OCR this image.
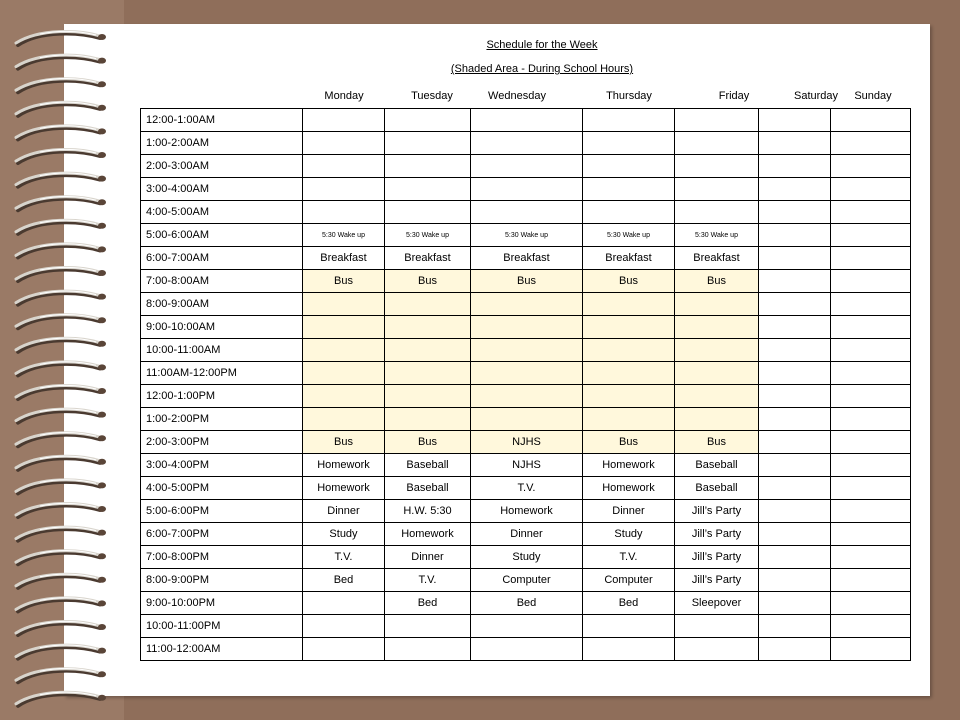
Schedule for the Week
(Shaded Area - During School Hours)
Monday	Tuesday	Wednesday	Thursday	Friday	Saturday Sunday
12:00-1:00AM							
1:00-2:00AM							
2:00-3:00AM							
3:00-4:00AM							
4:00-5:00AM							
5:00-6:00AM	5:30 Wake up	5:30 Wake up	5:30 Wake up	5:30 Wake up	5:30 Wake up		
6:00-7:00AM	Breakfast	Breakfast	Breakfast	Breakfast	Breakfast		
7:00-8:00AM	Bus	Bus	Bus	Bus	Bus		
8:00-9:00AM							
9:00-10:00AM							
10:00-11:00AM							
11:00AM-12:00PM							
12:00-1:00PM							
1:00-2:00PM							
2:00-3:00PM	Bus	Bus	NJHS	Bus	Bus		
3:00-4:00PM	Homework	Baseball	NJHS	Homework	Baseball		
4:00-5:00PM	Homework	Baseball	T.V.	Homework	Baseball		
5:00-6:00PM	Dinner	H.W. 5:30	Homework	Dinner	Jill’s Party		
6:00-7:00PM	Study	Homework	Dinner	Study	Jill’s Party		
7:00-8:00PM	T.V.	Dinner	Study	T.V.	Jill’s Party		
8:00-9:00PM	Bed	T.V.	Computer	Computer	Jill’s Party		
9:00-10:00PM		Bed	Bed	Bed	Sleepover		
10:00-11:00PM							
11:00-12:00AM							
